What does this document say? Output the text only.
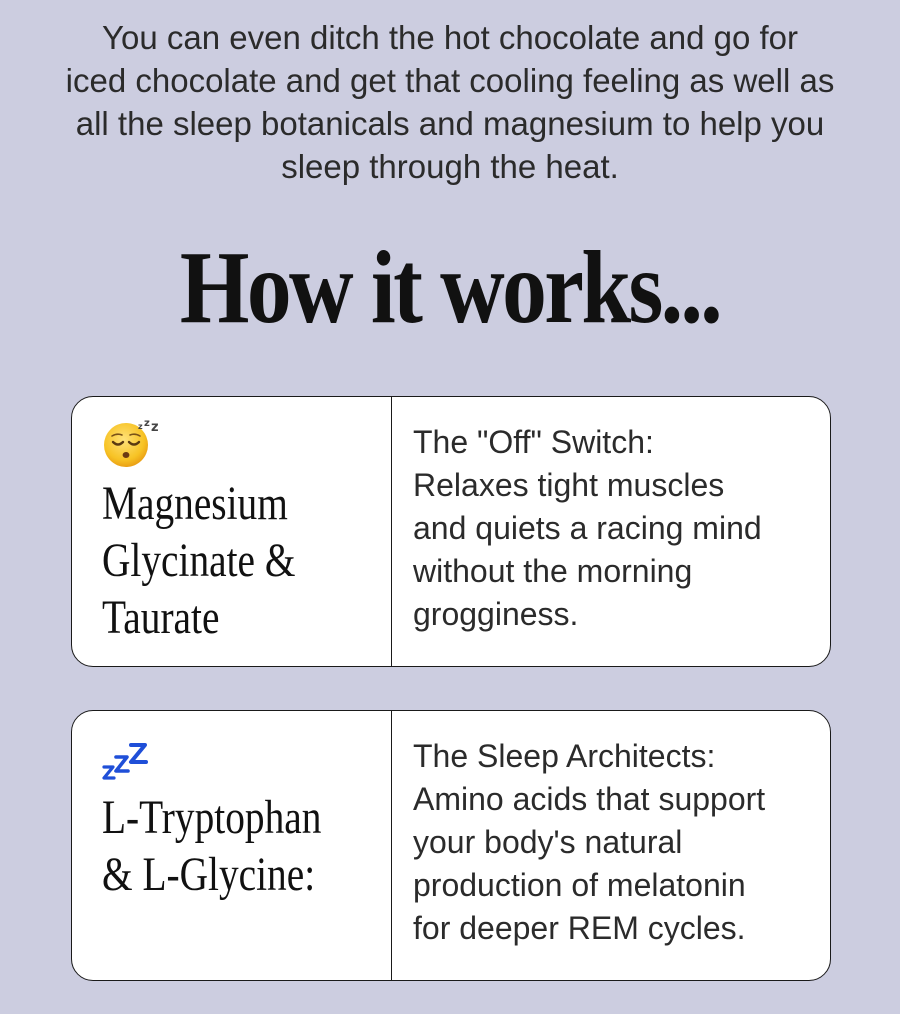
You can even ditch the hot chocolate and go for
iced chocolate and get that cooling feeling as well as
all the sleep botanicals and magnesium to help you
sleep through the heat.

How it works...
z z z
Magnesium
Glycinate &
Taurate
The "Off" Switch:
Relaxes tight muscles
and quiets a racing mind
without the morning
grogginess.
L-Tryptophan
& L-Glycine:
The Sleep Architects:
Amino acids that support
your body's natural
production of melatonin
for deeper REM cycles.
